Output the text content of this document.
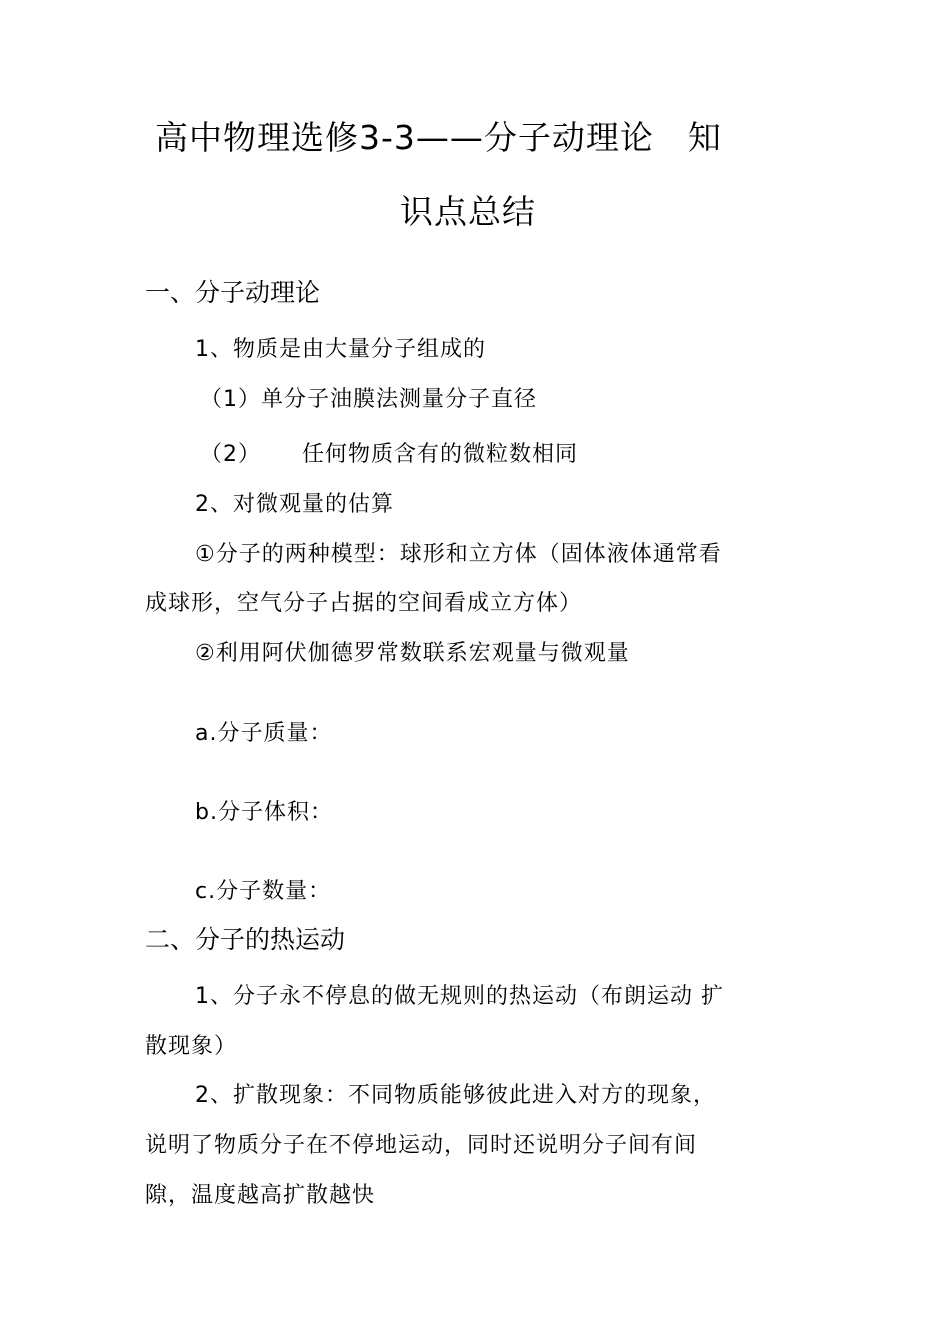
高中物理选修3-3——分子动理论　知
识点总结
一、分子动理论
1、物质是由大量分子组成的
（1）单分子油膜法测量分子直径
（2） 任何物质含有的微粒数相同
2、对微观量的估算
①分子的两种模型：球形和立方体（固体液体通常看
成球形，空气分子占据的空间看成立方体）
②利用阿伏伽德罗常数联系宏观量与微观量
a.分子质量：
b.分子体积：
c.分子数量：
二、分子的热运动
1、分子永不停息的做无规则的热运动（布朗运动 扩
散现象）
2、扩散现象：不同物质能够彼此进入对方的现象，
说明了物质分子在不停地运动，同时还说明分子间有间
隙，温度越高扩散越快
